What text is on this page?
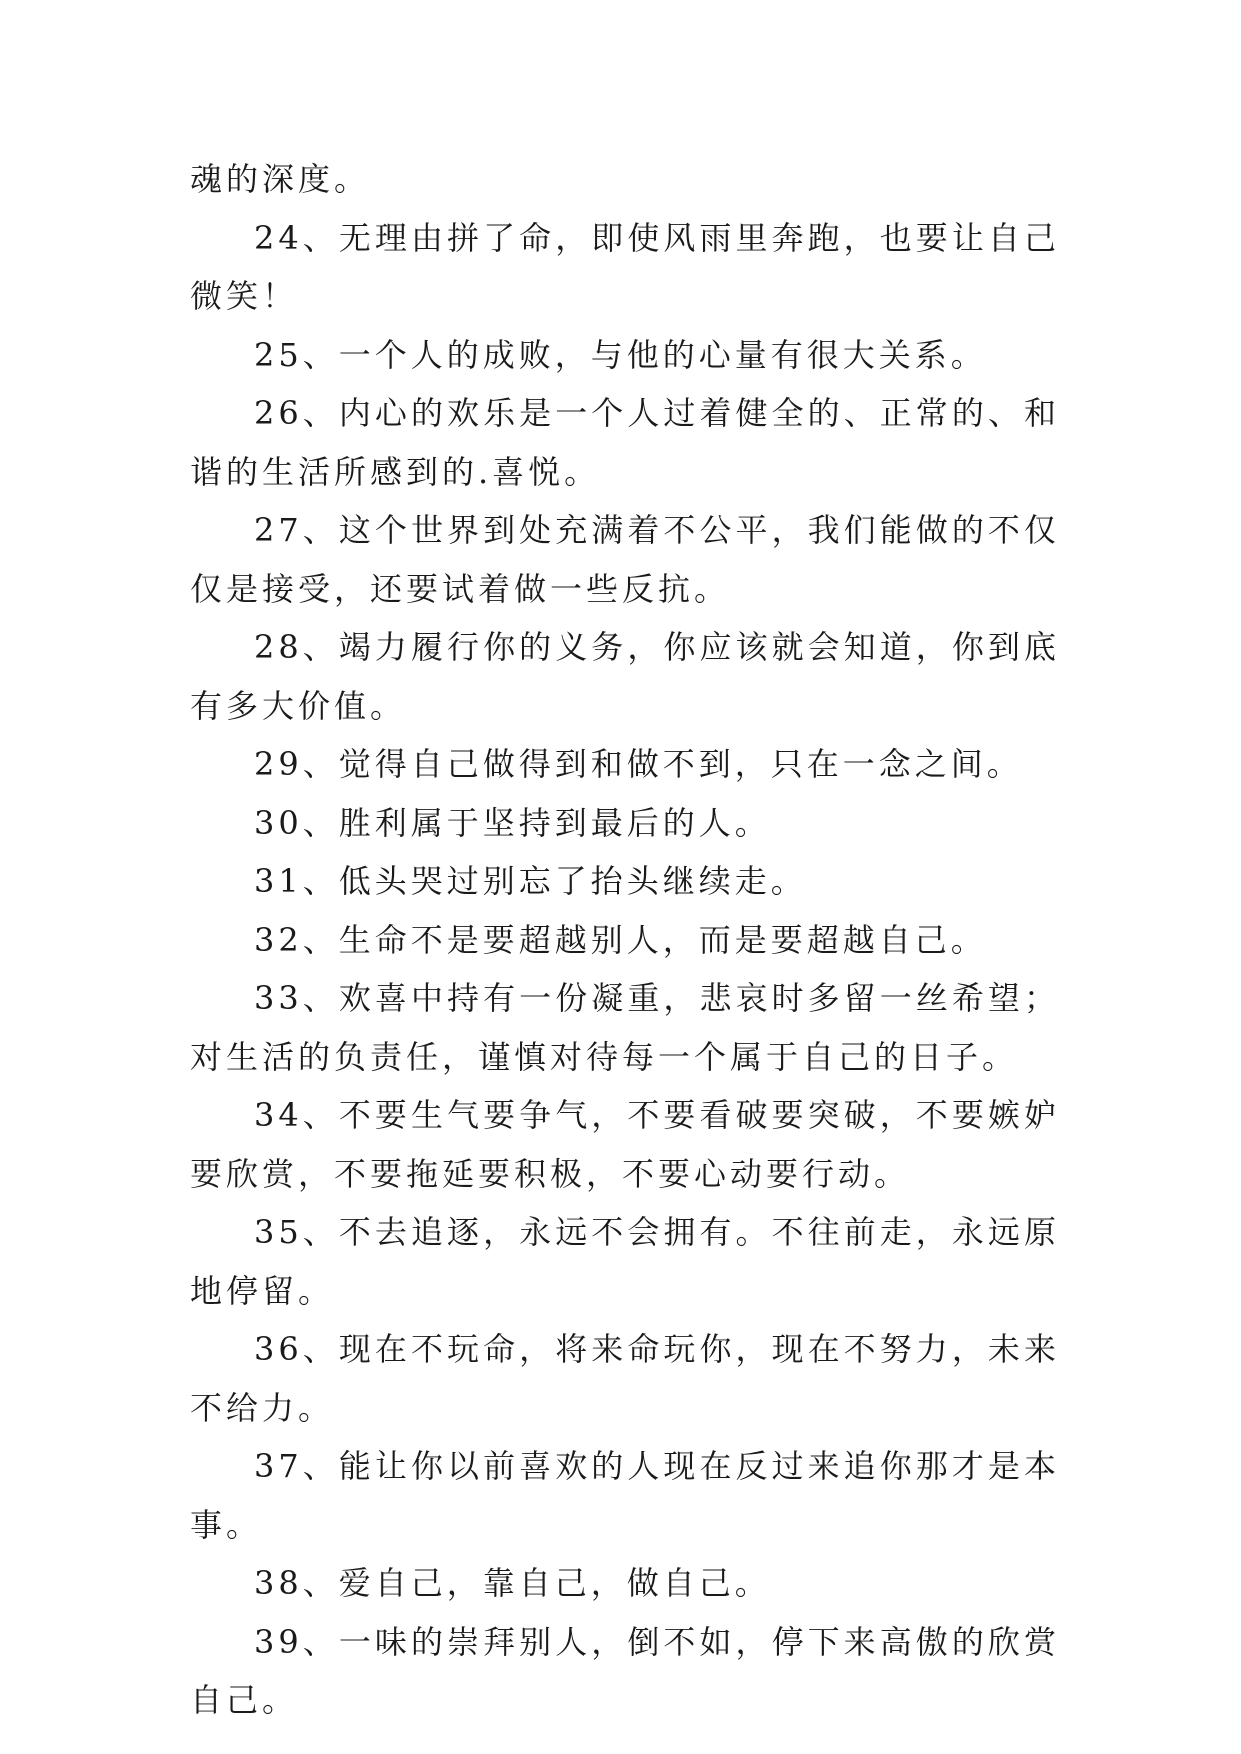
魂的深度。

24、无理由拼了命，即使风雨里奔跑，也要让自己微笑！

25、一个人的成败，与他的心量有很大关系。

26、内心的欢乐是一个人过着健全的、正常的、和谐的生活所感到的.喜悦。

27、这个世界到处充满着不公平，我们能做的不仅仅是接受，还要试着做一些反抗。

28、竭力履行你的义务，你应该就会知道，你到底有多大价值。

29、觉得自己做得到和做不到，只在一念之间。

30、胜利属于坚持到最后的人。

31、低头哭过别忘了抬头继续走。

32、生命不是要超越别人，而是要超越自己。

33、欢喜中持有一份凝重，悲哀时多留一丝希望；对生活的负责任，谨慎对待每一个属于自己的日子。

34、不要生气要争气，不要看破要突破，不要嫉妒要欣赏，不要拖延要积极，不要心动要行动。

35、不去追逐，永远不会拥有。不往前走，永远原地停留。

36、现在不玩命，将来命玩你，现在不努力，未来不给力。

37、能让你以前喜欢的人现在反过来追你那才是本事。

38、爱自己，靠自己，做自己。

39、一味的崇拜别人，倒不如，停下来高傲的欣赏自己。
